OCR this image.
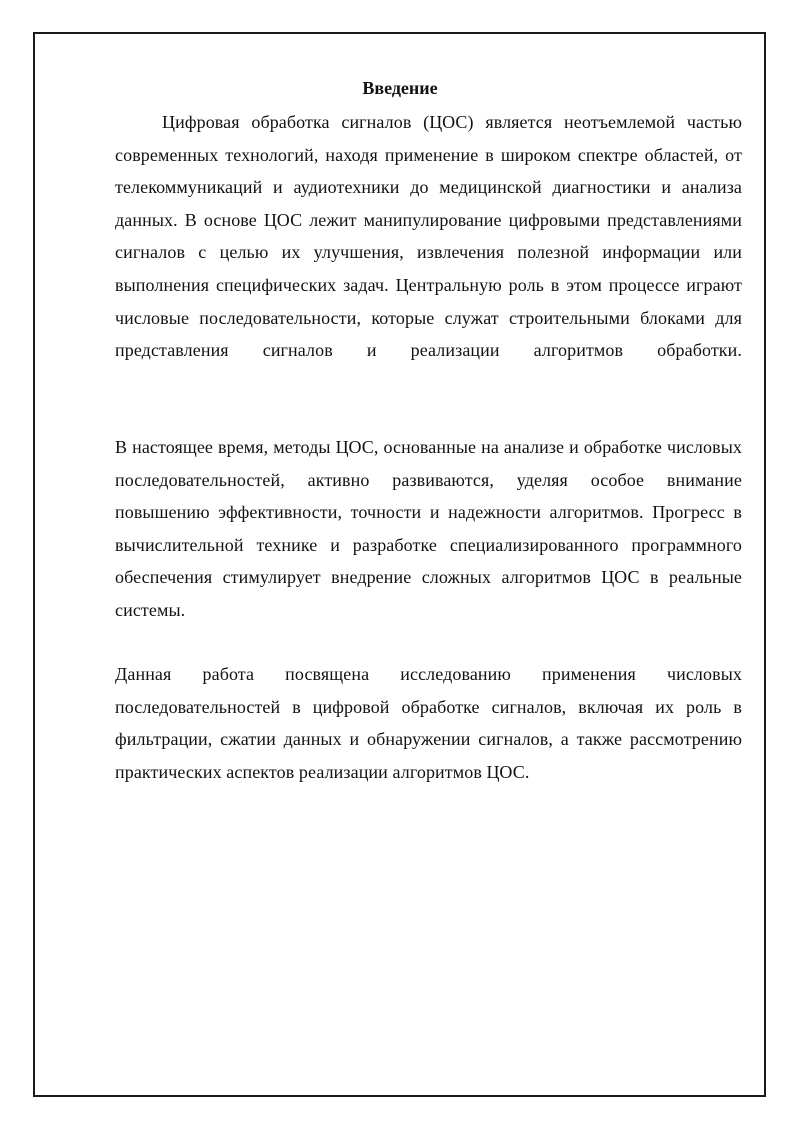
Введение

Цифровая обработка сигналов (ЦОС) является неотъемлемой частью современных технологий, находя применение в широком спектре областей, от телекоммуникаций и аудиотехники до медицинской диагностики и анализа данных. В основе ЦОС лежит манипулирование цифровыми представлениями сигналов с целью их улучшения, извлечения полезной информации или выполнения специфических задач. Центральную роль в этом процессе играют числовые последовательности, которые служат строительными блоками для представления сигналов и реализации алгоритмов обработки.

В настоящее время, методы ЦОС, основанные на анализе и обработке числовых последовательностей, активно развиваются, уделяя особое внимание повышению эффективности, точности и надежности алгоритмов. Прогресс в вычислительной технике и разработке специализированного программного обеспечения стимулирует внедрение сложных алгоритмов ЦОС в реальные системы.

Данная работа посвящена исследованию применения числовых последовательностей в цифровой обработке сигналов, включая их роль в фильтрации, сжатии данных и обнаружении сигналов, а также рассмотрению практических аспектов реализации алгоритмов ЦОС.
